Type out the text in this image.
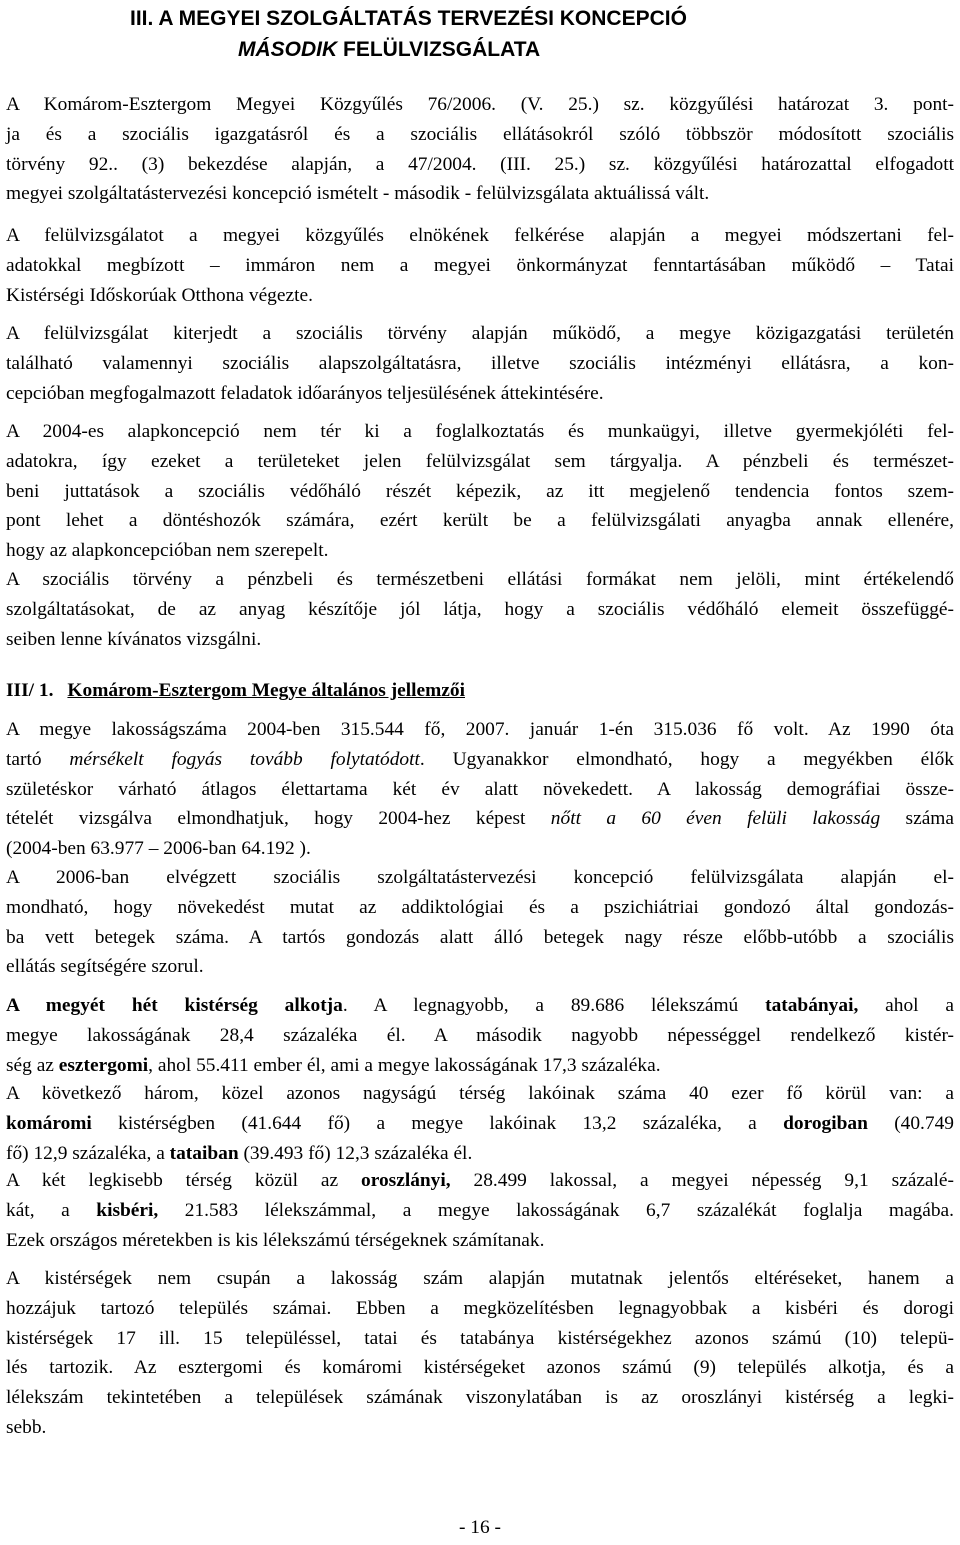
III. A MEGYEI SZOLGÁLTATÁS TERVEZÉSI KONCEPCIÓ
MÁSODIK FELÜLVIZSGÁLATA
A Komárom-Esztergom Megyei Közgyűlés 76/2006. (V. 25.) sz. közgyűlési határozat 3. pont-
ja és a szociális igazgatásról és a szociális ellátásokról szóló többször módosított szociális
törvény 92.. (3) bekezdése alapján, a 47/2004. (III. 25.) sz. közgyűlési határozattal elfogadott
megyei szolgáltatástervezési koncepció ismételt - második - felülvizsgálata aktuálissá vált.
A felülvizsgálatot a megyei közgyűlés elnökének felkérése alapján a megyei módszertani fel-
adatokkal megbízott – immáron nem a megyei önkormányzat fenntartásában működő – Tatai
Kistérségi Időskorúak Otthona végezte.
A felülvizsgálat kiterjedt a szociális törvény alapján működő, a megye közigazgatási területén
található valamennyi szociális alapszolgáltatásra, illetve szociális intézményi ellátásra, a kon-
cepcióban megfogalmazott feladatok időarányos teljesülésének áttekintésére.
A 2004-es alapkoncepció nem tér ki a foglalkoztatás és munkaügyi, illetve gyermekjóléti fel-
adatokra, így ezeket a területeket jelen felülvizsgálat sem tárgyalja. A pénzbeli és természet-
beni juttatások a szociális védőháló részét képezik, az itt megjelenő tendencia fontos szem-
pont lehet a döntéshozók számára, ezért került be a felülvizsgálati anyagba annak ellenére,
hogy az alapkoncepcióban nem szerepelt.
A szociális törvény a pénzbeli és természetbeni ellátási formákat nem jelöli, mint értékelendő
szolgáltatásokat, de az anyag készítője jól látja, hogy a szociális védőháló elemeit összefüggé-
seiben lenne kívánatos vizsgálni.
III/ 1. Komárom-Esztergom Megye általános jellemzői
A megye lakosságszáma 2004-ben 315.544 fő, 2007. január 1-én 315.036 fő volt. Az 1990 óta
tartó mérsékelt fogyás tovább folytatódott. Ugyanakkor elmondható, hogy a megyékben élők
születéskor várható átlagos élettartama két év alatt növekedett. A lakosság demográfiai össze-
tételét vizsgálva elmondhatjuk, hogy 2004-hez képest nőtt a 60 éven felüli lakosság száma
(2004-ben 63.977 – 2006-ban 64.192 ).
A 2006-ban elvégzett szociális szolgáltatástervezési koncepció felülvizsgálata alapján el-
mondható, hogy növekedést mutat az addiktológiai és a pszichiátriai gondozó által gondozás-
ba vett betegek száma. A tartós gondozás alatt álló betegek nagy része előbb-utóbb a szociális
ellátás segítségére szorul.
A megyét hét kistérség alkotja. A legnagyobb, a 89.686 lélekszámú tatabányai, ahol a
megye lakosságának 28,4 százaléka él. A második nagyobb népességgel rendelkező kistér-
ség az esztergomi, ahol 55.411 ember él, ami a megye lakosságának 17,3 százaléka.
A következő három, közel azonos nagyságú térség lakóinak száma 40 ezer fő körül van: a
komáromi kistérségben (41.644 fő) a megye lakóinak 13,2 százaléka, a dorogiban (40.749
fő) 12,9 százaléka, a tataiban (39.493 fő) 12,3 százaléka él.
A két legkisebb térség közül az oroszlányi, 28.499 lakossal, a megyei népesség 9,1 százalé-
kát, a kisbéri, 21.583 lélekszámmal, a megye lakosságának 6,7 százalékát foglalja magába.
Ezek országos méretekben is kis lélekszámú térségeknek számítanak.
A kistérségek nem csupán a lakosság szám alapján mutatnak jelentős eltéréseket, hanem a
hozzájuk tartozó település számai. Ebben a megközelítésben legnagyobbak a kisbéri és dorogi
kistérségek 17 ill. 15 településsel, tatai és tatabánya kistérségekhez azonos számú (10) telepü-
lés tartozik. Az esztergomi és komáromi kistérségeket azonos számú (9) település alkotja, és a
lélekszám tekintetében a települések számának viszonylatában is az oroszlányi kistérség a legki-
sebb.
- 16 -
